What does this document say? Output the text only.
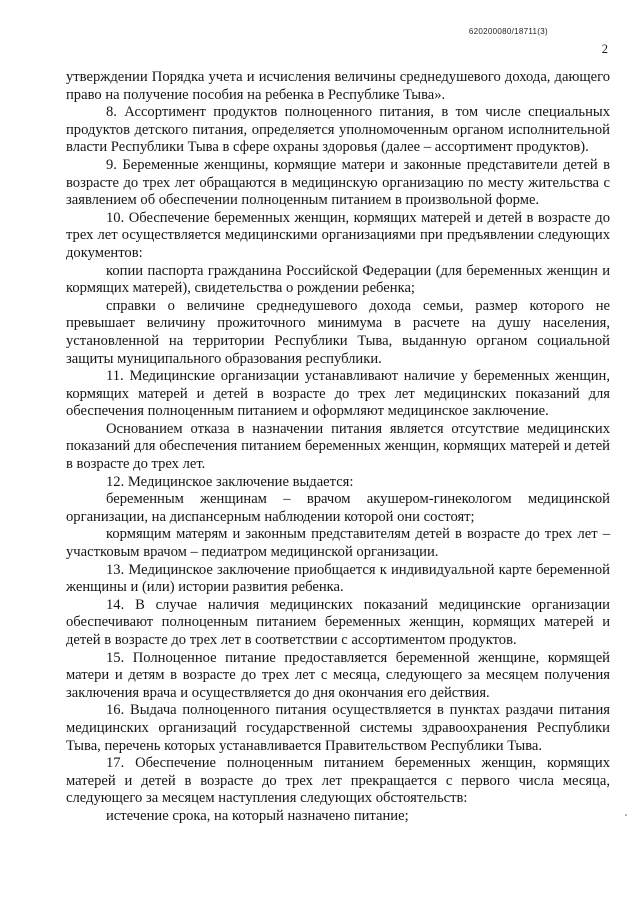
620200080/18711(3)
2

утверждении Порядка учета и исчисления величины среднедушевого дохода, дающего право на получение пособия на ребенка в Республике Тыва».

8. Ассортимент продуктов полноценного питания, в том числе специальных продуктов детского питания, определяется уполномоченным органом исполнительной власти Республики Тыва в сфере охраны здоровья (далее – ассортимент продуктов).

9. Беременные женщины, кормящие матери и законные представители детей в возрасте до трех лет обращаются в медицинскую организацию по месту жительства с заявлением об обеспечении полноценным питанием в произвольной форме.

10. Обеспечение беременных женщин, кормящих матерей и детей в возрасте до трех лет осуществляется медицинскими организациями при предъявлении следующих документов:

копии паспорта гражданина Российской Федерации (для беременных женщин и кормящих матерей), свидетельства о рождении ребенка;

справки о величине среднедушевого дохода семьи, размер которого не превышает величину прожиточного минимума в расчете на душу населения, установленной на территории Республики Тыва, выданную органом социальной защиты муниципального образования республики.

11. Медицинские организации устанавливают наличие у беременных женщин, кормящих матерей и детей в возрасте до трех лет медицинских показаний для обеспечения полноценным питанием и оформляют медицинское заключение.

Основанием отказа в назначении питания является отсутствие медицинских показаний для обеспечения питанием беременных женщин, кормящих матерей и детей в возрасте до трех лет.

12. Медицинское заключение выдается:

беременным женщинам – врачом акушером-гинекологом медицинской организации, на диспансерным наблюдении которой они состоят;

кормящим матерям и законным представителям детей в возрасте до трех лет – участковым врачом – педиатром медицинской организации.

13. Медицинское заключение приобщается к индивидуальной карте беременной женщины и (или) истории развития ребенка.

14. В случае наличия медицинских показаний медицинские организации обеспечивают полноценным питанием беременных женщин, кормящих матерей и детей в возрасте до трех лет в соответствии с ассортиментом продуктов.

15. Полноценное питание предоставляется беременной женщине, кормящей матери и детям в возрасте до трех лет с месяца, следующего за месяцем получения заключения врача и осуществляется до дня окончания его действия.

16. Выдача полноценного питания осуществляется в пунктах раздачи питания медицинских организаций государственной системы здравоохранения Республики Тыва, перечень которых устанавливается Правительством Республики Тыва.

17. Обеспечение полноценным питанием беременных женщин, кормящих матерей и детей в возрасте до трех лет прекращается с первого числа месяца, следующего за месяцем наступления следующих обстоятельств:

истечение срока, на который назначено питание;
